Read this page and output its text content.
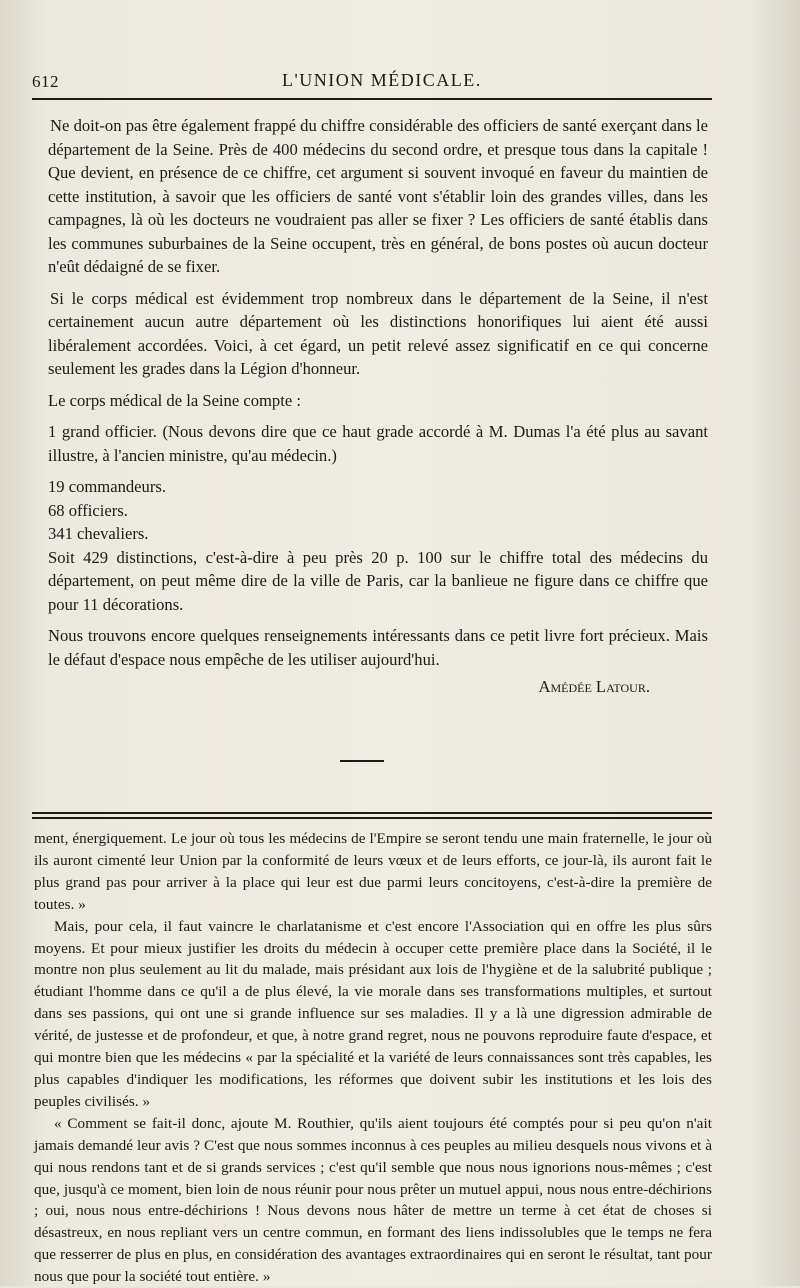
612	L'UNION MÉDICALE.

Ne doit-on pas être également frappé du chiffre considérable des officiers de santé exerçant dans le département de la Seine. Près de 400 médecins du second ordre, et presque tous dans la capitale ! Que devient, en présence de ce chiffre, cet argument si souvent invoqué en faveur du maintien de cette institution, à savoir que les officiers de santé vont s'établir loin des grandes villes, dans les campagnes, là où les docteurs ne voudraient pas aller se fixer ? Les officiers de santé établis dans les communes suburbaines de la Seine occupent, très en général, de bons postes où aucun docteur n'eût dédaigné de se fixer.

Si le corps médical est évidemment trop nombreux dans le département de la Seine, il n'est certainement aucun autre département où les distinctions honorifiques lui aient été aussi libéralement accordées. Voici, à cet égard, un petit relevé assez significatif en ce qui concerne seulement les grades dans la Légion d'honneur.

Le corps médical de la Seine compte :

1 grand officier. (Nous devons dire que ce haut grade accordé à M. Dumas l'a été plus au savant illustre, à l'ancien ministre, qu'au médecin.)

19 commandeurs.

68 officiers.

341 chevaliers.

Soit 429 distinctions, c'est-à-dire à peu près 20 p. 100 sur le chiffre total des médecins du département, on peut même dire de la ville de Paris, car la banlieue ne figure dans ce chiffre que pour 11 décorations.

Nous trouvons encore quelques renseignements intéressants dans ce petit livre fort précieux. Mais le défaut d'espace nous empêche de les utiliser aujourd'hui.

Amédée Latour.

ment, énergiquement. Le jour où tous les médecins de l'Empire se seront tendu une main fraternelle, le jour où ils auront cimenté leur Union par la conformité de leurs vœux et de leurs efforts, ce jour-là, ils auront fait le plus grand pas pour arriver à la place qui leur est due parmi leurs concitoyens, c'est-à-dire la première de toutes. »

Mais, pour cela, il faut vaincre le charlatanisme et c'est encore l'Association qui en offre les plus sûrs moyens. Et pour mieux justifier les droits du médecin à occuper cette première place dans la Société, il le montre non plus seulement au lit du malade, mais présidant aux lois de l'hygiène et de la salubrité publique ; étudiant l'homme dans ce qu'il a de plus élevé, la vie morale dans ses transformations multiples, et surtout dans ses passions, qui ont une si grande influence sur ses maladies. Il y a là une digression admirable de vérité, de justesse et de profondeur, et que, à notre grand regret, nous ne pouvons reproduire faute d'espace, et qui montre bien que les médecins « par la spécialité et la variété de leurs connaissances sont très capables, les plus capables d'indiquer les modifications, les réformes que doivent subir les institutions et les lois des peuples civilisés. »

« Comment se fait-il donc, ajoute M. Routhier, qu'ils aient toujours été comptés pour si peu qu'on n'ait jamais demandé leur avis ? C'est que nous sommes inconnus à ces peuples au milieu desquels nous vivons et à qui nous rendons tant et de si grands services ; c'est qu'il semble que nous nous ignorions nous-mêmes ; c'est que, jusqu'à ce moment, bien loin de nous réunir pour nous prêter un mutuel appui, nous nous entre-déchirions ; oui, nous nous entre-déchirions ! Nous devons nous hâter de mettre un terme à cet état de choses si désastreux, en nous repliant vers un centre commun, en formant des liens indissolubles que le temps ne fera que resserrer de plus en plus, en considération des avantages extraordinaires qui en seront le résultat, tant pour nous que pour la société tout entière. »
